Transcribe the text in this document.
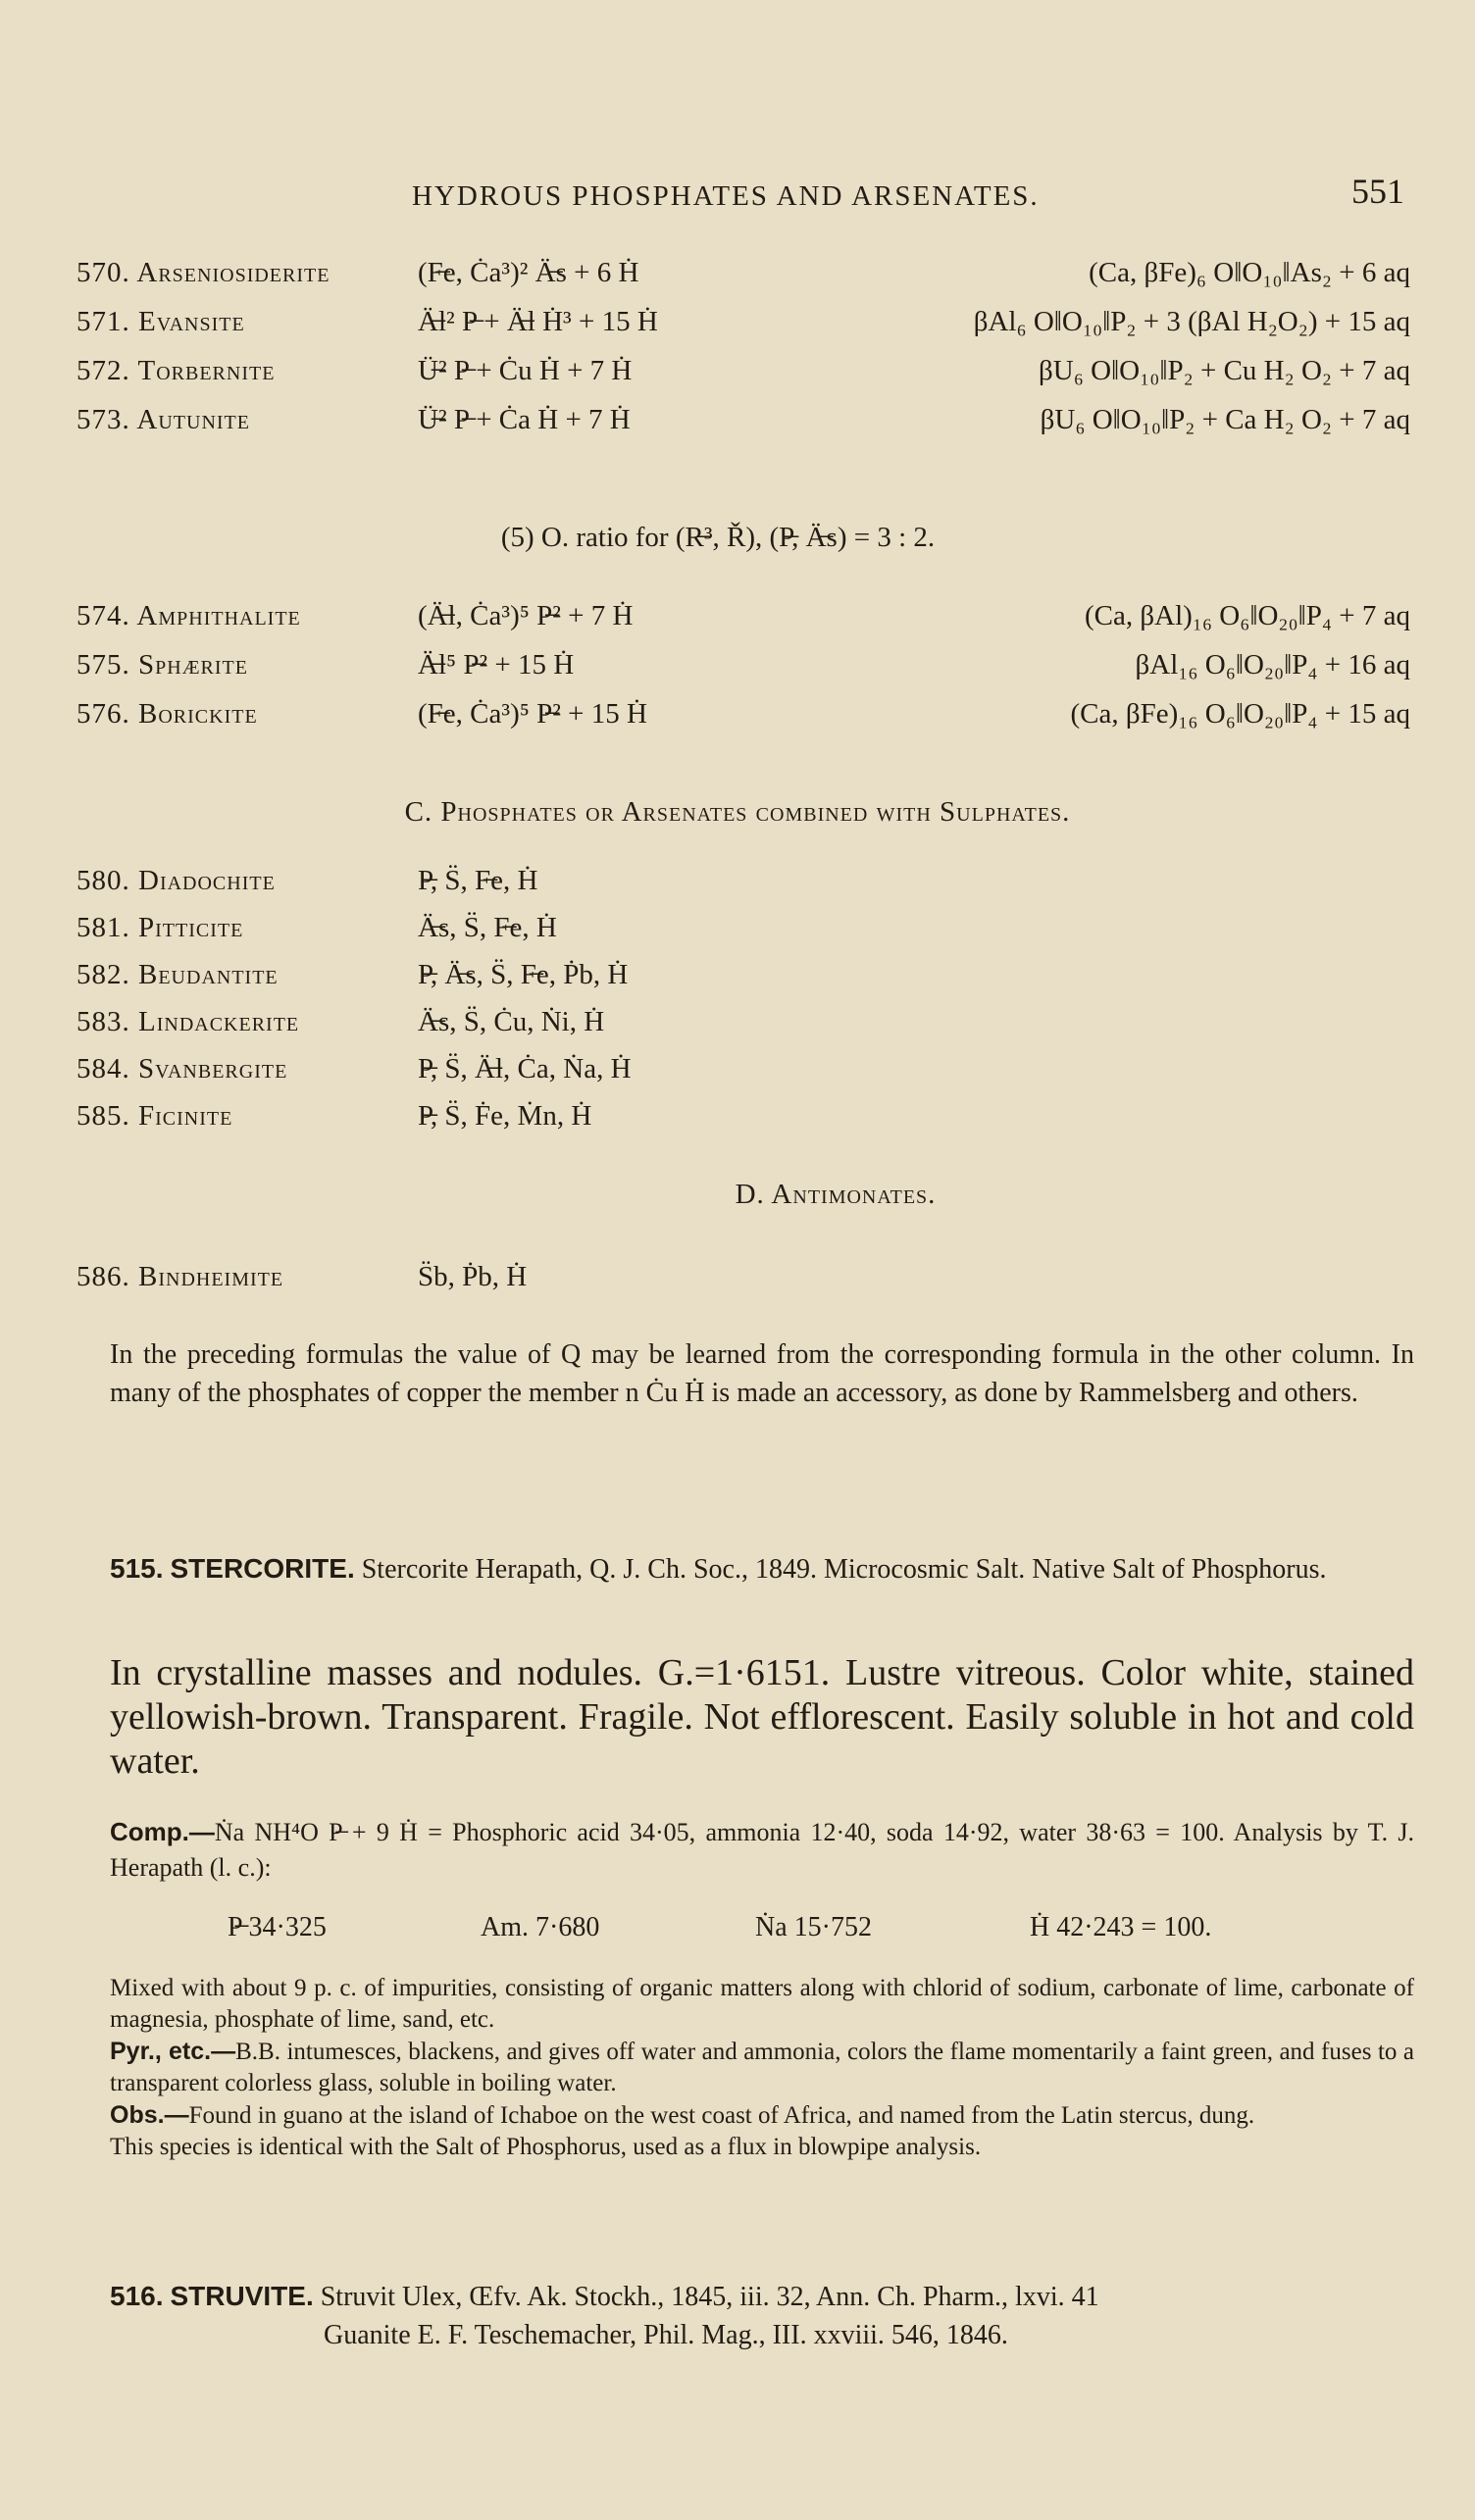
HYDROUS PHOSPHATES AND ARSENATES.	551
570. Arseniosiderite	(F̶e, Ċa³)² Ä̶s + 6 Ḣ	(Ca, βFe)₆ O‖O₁₀‖As₂ + 6 aq
571. Evansite	Ä̶l² P̶ + Ä̶l Ḣ³ + 15 Ḣ	βAl₆ O‖O₁₀‖P₂ + 3 (βAl H₂O₂) + 15 aq
572. Torbernite	Ü̶² P̶ + Ċu Ḣ + 7 Ḣ	βU₆ O‖O₁₀‖P₂ + Cu H₂ O₂ + 7 aq
573. Autunite	Ü̶² P̶ + Ċa Ḣ + 7 Ḣ	βU₆ O‖O₁₀‖P₂ + Ca H₂ O₂ + 7 aq
(5) O. ratio for (R̶³, Ř), (P̶, Ä̶s) = 3 : 2.
574. Amphithalite	(Ä̶l, Ċa³)⁵ P̶² + 7 Ḣ	(Ca, βAl)₁₆ O₆‖O₂₀‖P₄ + 7 aq
575. Sphærite	Ä̶l⁵ P̶² + 15 Ḣ	βAl₁₆ O₆‖O₂₀‖P₄ + 16 aq
576. Borickite	(F̶e, Ċa³)⁵ P̶² + 15 Ḣ	(Ca, βFe)₁₆ O₆‖O₂₀‖P₄ + 15 aq
C. Phosphates or Arsenates combined with Sulphates.
580. Diadochite	P̶, S̈, F̶e, Ḣ
581. Pitticite	Ä̶s, S̈, F̶e, Ḣ
582. Beudantite	P̶, Ä̶s, S̈, F̶e, Ṗb, Ḣ
583. Lindackerite	Ä̶s, S̈, Ċu, Ṅi, Ḣ
584. Svanbergite	P̶, S̈, Ä̶l, Ċa, Ṅa, Ḣ
585. Ficinite	P̶, S̈, Ḟe, Ṁn, Ḣ
D. Antimonates.
586. Bindheimite	S̈b, Ṗb, Ḣ
In the preceding formulas the value of Q may be learned from the corresponding formula in the other column. In many of the phosphates of copper the member n Ċu Ḣ is made an accessory, as done by Rammelsberg and others.
515. STERCORITE. Stercorite Herapath, Q. J. Ch. Soc., 1849. Microcosmic Salt. Native Salt of Phosphorus.
In crystalline masses and nodules. G.=1·6151. Lustre vitreous. Color white, stained yellowish-brown. Transparent. Fragile. Not efflorescent. Easily soluble in hot and cold water.
Comp.—Ṅa NH⁴O P̶ + 9 Ḣ = Phosphoric acid 34·05, ammonia 12·40, soda 14·92, water 38·63 = 100. Analysis by T. J. Herapath (l. c.):
P̶ 34·325	Am. 7·680	Ṅa 15·752	Ḣ 42·243 = 100.

Mixed with about 9 p. c. of impurities, consisting of organic matters along with chlorid of sodium, carbonate of lime, carbonate of magnesia, phosphate of lime, sand, etc.

Pyr., etc.—B.B. intumesces, blackens, and gives off water and ammonia, colors the flame momentarily a faint green, and fuses to a transparent colorless glass, soluble in boiling water.

Obs.—Found in guano at the island of Ichaboe on the west coast of Africa, and named from the Latin stercus, dung.

This species is identical with the Salt of Phosphorus, used as a flux in blowpipe analysis.

516. STRUVITE. Struvit Ulex, Œfv. Ak. Stockh., 1845, iii. 32, Ann. Ch. Pharm., lxvi. 41
Guanite E. F. Teschemacher, Phil. Mag., III. xxviii. 546, 1846.
